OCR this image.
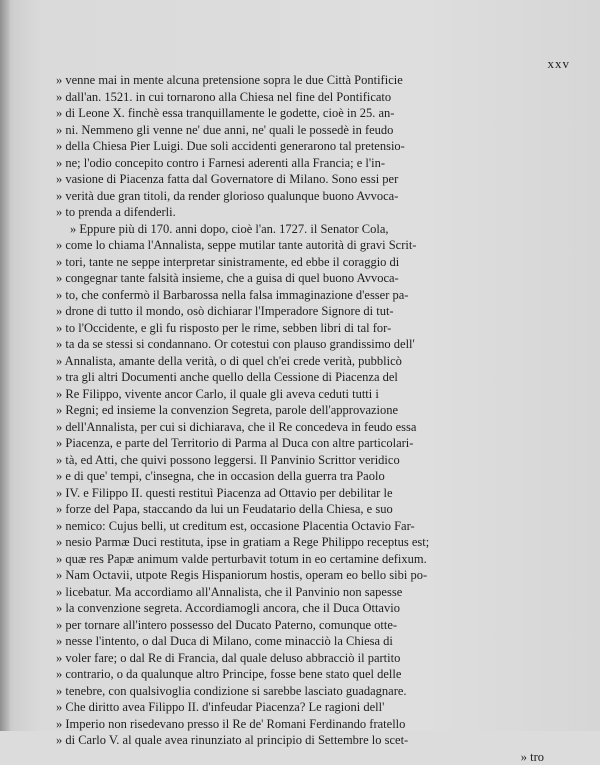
xxv
» venne mai in mente alcuna pretensione sopra le due Città Pontificie
» dall'an. 1521. in cui tornarono alla Chiesa nel fine del Pontificato
» di Leone X. finchè essa tranquillamente le godette, cioè in 25. an-
» ni. Nemmeno gli venne ne' due anni, ne' quali le possedè in feudo
» della Chiesa Pier Luigi. Due soli accidenti generarono tal pretensio-
» ne; l'odio concepito contro i Farnesi aderenti alla Francia; e l'in-
» vasione di Piacenza fatta dal Governatore di Milano. Sono essi per
» verità due gran titoli, da render glorioso qualunque buono Avvoca-
» to prenda a difenderli.
» Eppure più di 170. anni dopo, cioè l'an. 1727. il Senator Cola,
» come lo chiama l'Annalista, seppe mutilar tante autorità di gravi Scrit-
» tori, tante ne seppe interpretar sinistramente, ed ebbe il coraggio di
» congegnar tante falsità insieme, che a guisa di quel buono Avvoca-
» to, che confermò il Barbarossa nella falsa immaginazione d'esser pa-
» drone di tutto il mondo, osò dichiarar l'Imperadore Signore di tut-
» to l'Occidente, e gli fu risposto per le rime, sebben libri di tal for-
» ta da se stessi si condannano. Or cotestui con plauso grandissimo dell'
» Annalista, amante della verità, o di quel ch'ei crede verità, pubblicò
» tra gli altri Documenti anche quello della Cessione di Piacenza del
» Re Filippo, vivente ancor Carlo, il quale gli aveva ceduti tutti i
» Regni; ed insieme la convenzion Segreta, parole dell'approvazione
» dell'Annalista, per cui si dichiarava, che il Re concedeva in feudo essa
» Piacenza, e parte del Territorio di Parma al Duca con altre particolari-
» tà, ed Atti, che quivi possono leggersi. Il Panvinio Scrittor veridico
» e di que' tempi, c'insegna, che in occasion della guerra tra Paolo
» IV. e Filippo II. questi restituì Piacenza ad Ottavio per debilitar le
» forze del Papa, staccando da lui un Feudatario della Chiesa, e suo
» nemico: Cujus belli, ut creditum est, occasione Placentia Octavio Far-
» nesio Parmæ Duci restituta, ipse in gratiam a Rege Philippo receptus est;
» quæ res Papæ animum valde perturbavit totum in eo certamine defixum.
» Nam Octavii, utpote Regis Hispaniorum hostis, operam eo bello sibi po-
» licebatur. Ma accordiamo all'Annalista, che il Panvinio non sapesse
» la convenzione segreta. Accordiamogli ancora, che il Duca Ottavio
» per tornare all'intero possesso del Ducato Paterno, comunque otte-
» nesse l'intento, o dal Duca di Milano, come minacciò la Chiesa di
» voler fare; o dal Re di Francia, dal quale deluso abbracciò il partito
» contrario, o da qualunque altro Principe, fosse bene stato quel delle
» tenebre, con qualsivoglia condizione si sarebbe lasciato guadagnare.
» Che diritto avea Filippo II. d'infeudar Piacenza? Le ragioni dell'
» Imperio non risedevano presso il Re de' Romani Ferdinando fratello
» di Carlo V. al quale avea rinunziato al principio di Settembre lo scet-
» tro
